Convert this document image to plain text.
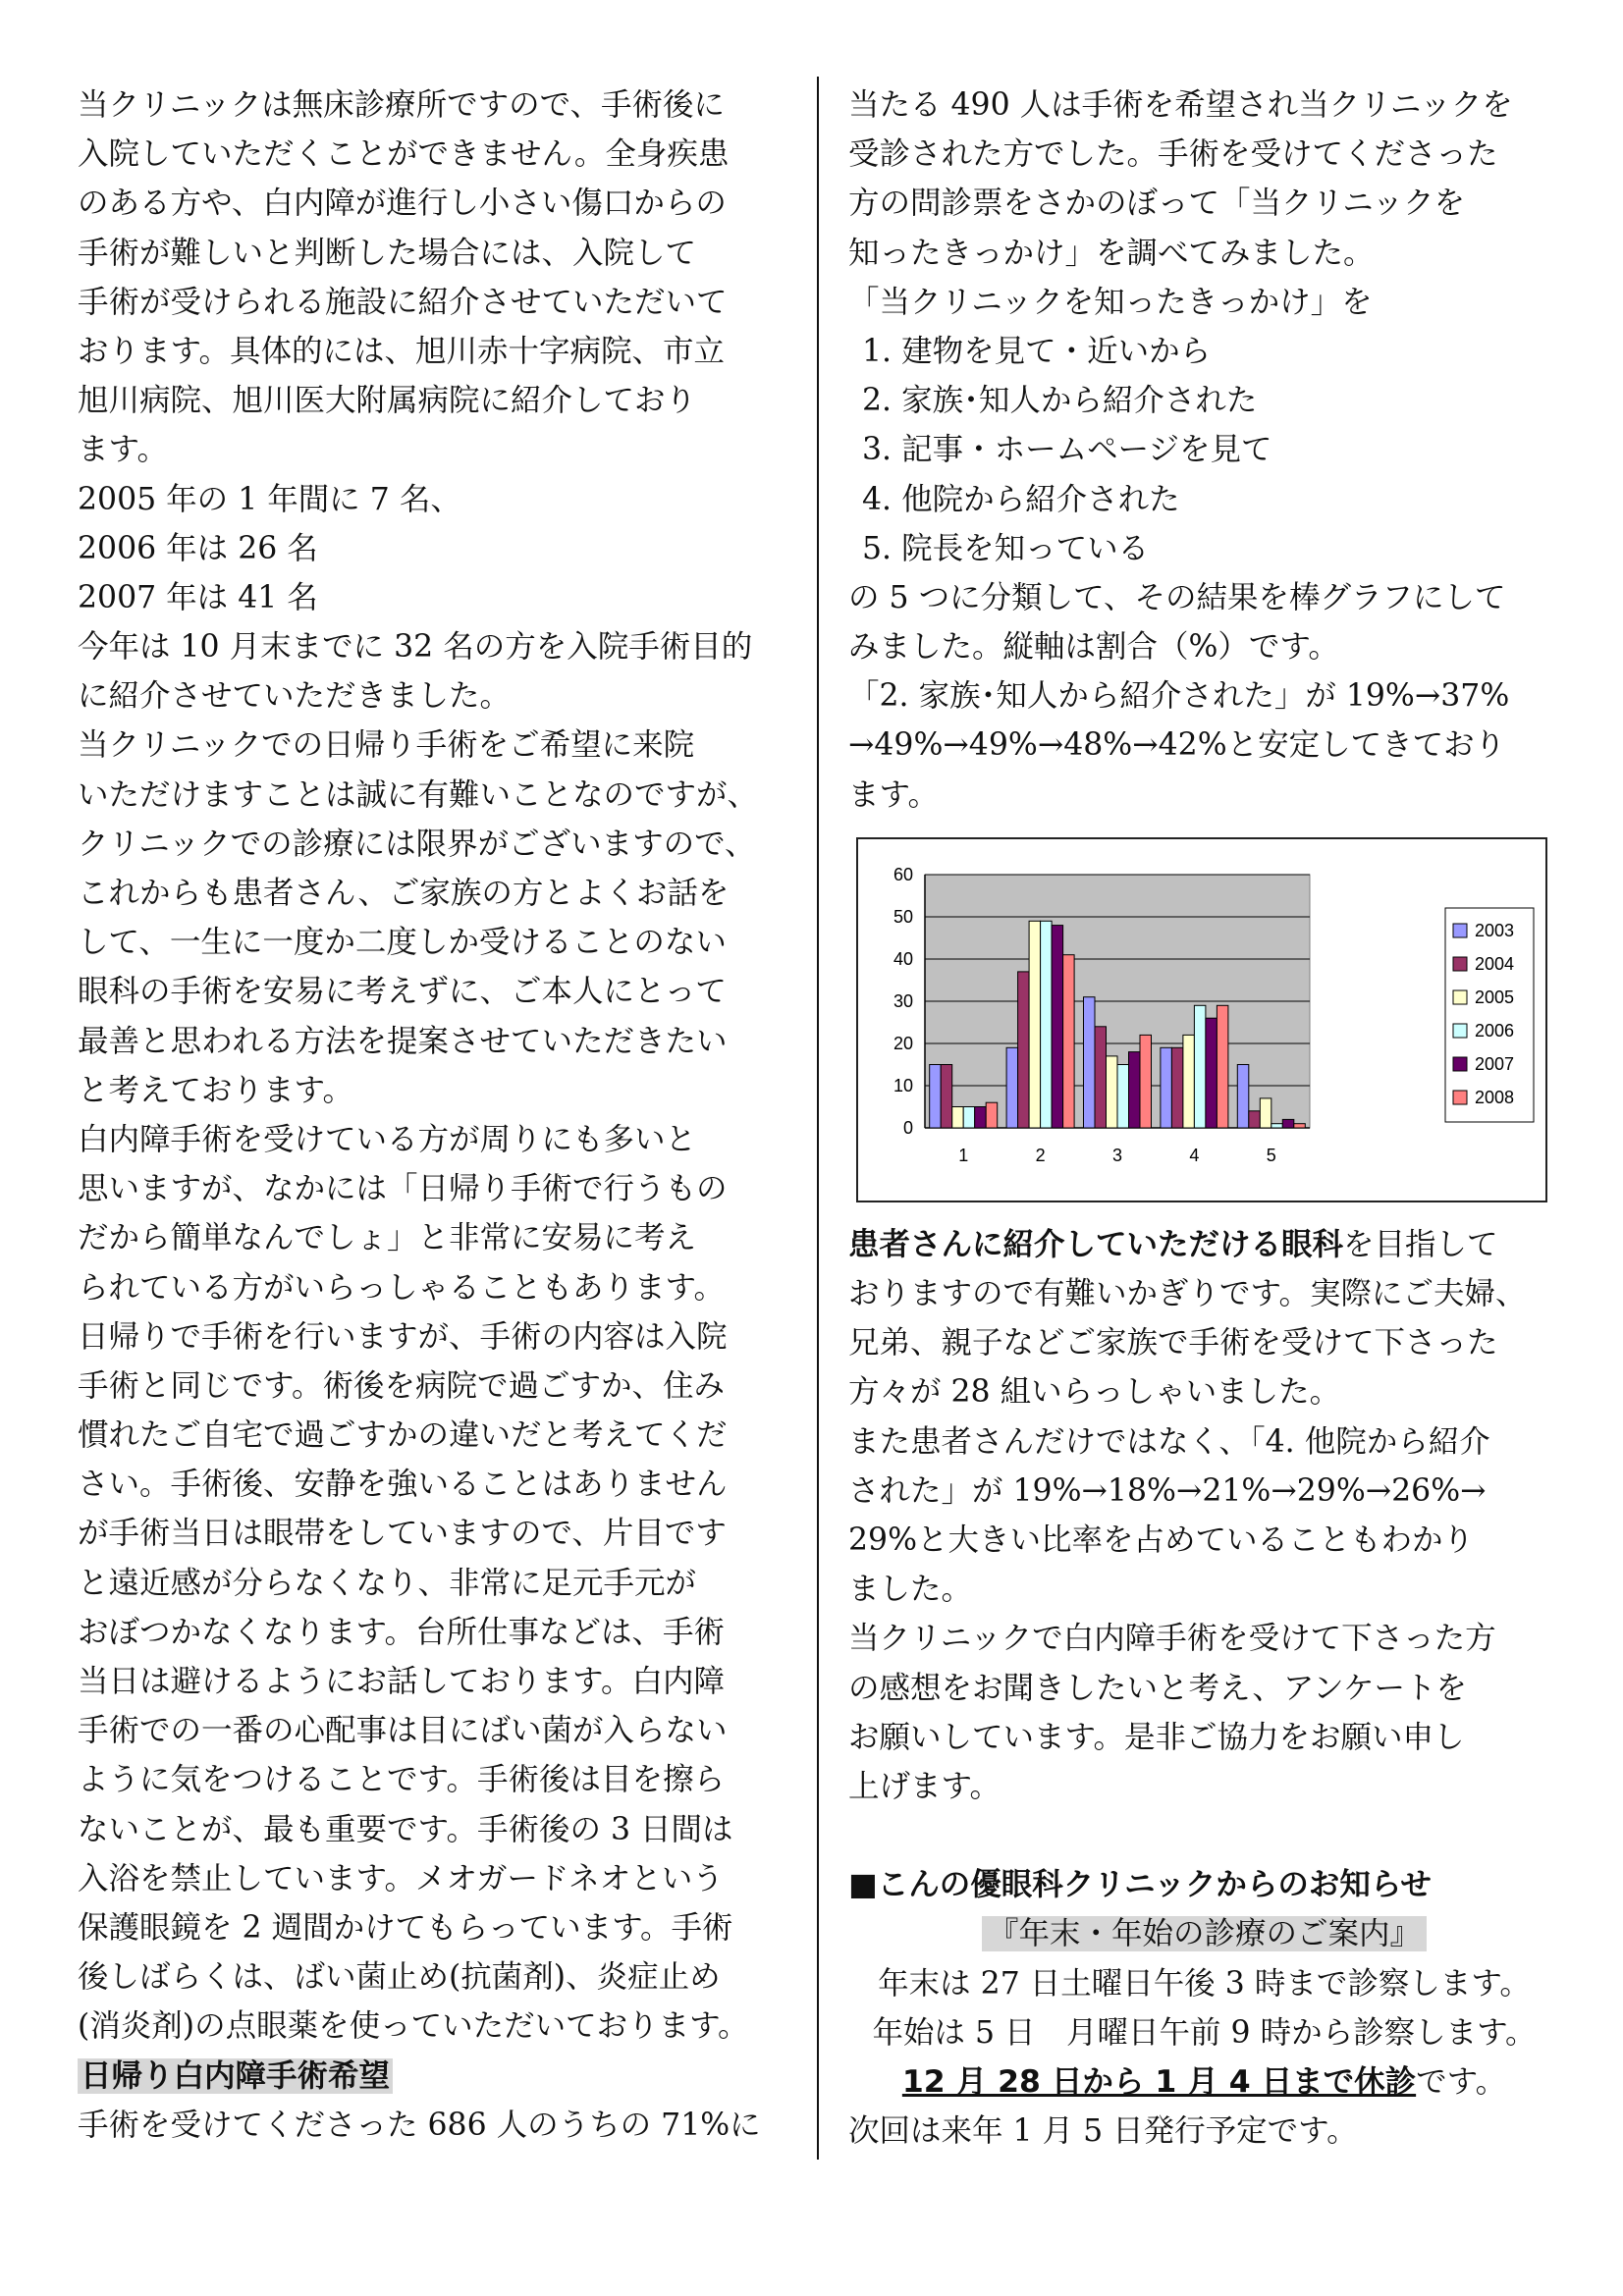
当クリニックは無床診療所ですので、手術後に
入院していただくことができません。全身疾患
のある方や、白内障が進行し小さい傷口からの
手術が難しいと判断した場合には、入院して
手術が受けられる施設に紹介させていただいて
おります。具体的には、旭川赤十字病院、市立
旭川病院、旭川医大附属病院に紹介しており
ます。
2005 年の 1 年間に 7 名、
2006 年は 26 名
2007 年は 41 名
今年は 10 月末までに 32 名の方を入院手術目的
に紹介させていただきました。
当クリニックでの日帰り手術をご希望に来院
いただけますことは誠に有難いことなのですが、
クリニックでの診療には限界がございますので、
これからも患者さん、ご家族の方とよくお話を
して、一生に一度か二度しか受けることのない
眼科の手術を安易に考えずに、ご本人にとって
最善と思われる方法を提案させていただきたい
と考えております。
白内障手術を受けている方が周りにも多いと
思いますが、なかには「日帰り手術で行うもの
だから簡単なんでしょ」と非常に安易に考え
られている方がいらっしゃることもあります。
日帰りで手術を行いますが、手術の内容は入院
手術と同じです。術後を病院で過ごすか、住み
慣れたご自宅で過ごすかの違いだと考えてくだ
さい。手術後、安静を強いることはありません
が手術当日は眼帯をしていますので、片目です
と遠近感が分らなくなり、非常に足元手元が
おぼつかなくなります。台所仕事などは、手術
当日は避けるようにお話しております。白内障
手術での一番の心配事は目にばい菌が入らない
ように気をつけることです。手術後は目を擦ら
ないことが、最も重要です。手術後の 3 日間は
入浴を禁止しています。メオガードネオという
保護眼鏡を 2 週間かけてもらっています。手術
後しばらくは、ばい菌止め(抗菌剤)、炎症止め
(消炎剤)の点眼薬を使っていただいております。
日帰り白内障手術希望
手術を受けてくださった 686 人のうちの 71%に
当たる 490 人は手術を希望され当クリニックを
受診された方でした。手術を受けてくださった
方の問診票をさかのぼって「当クリニックを
知ったきっかけ」を調べてみました。
「当クリニックを知ったきっかけ」を
1. 建物を見て・近いから
2. 家族･知人から紹介された
3. 記事・ホームページを見て
4. 他院から紹介された
5. 院長を知っている
の 5 つに分類して、その結果を棒グラフにして
みました。縦軸は割合（%）です。
「2. 家族･知人から紹介された」が 19%→37%
→49%→49%→48%→42%と安定してきており
ます。
0
10
20
30
40
50
60
1	2	3	4	5
2003
2004
2005
2006
2007
2008
患者さんに紹介していただける眼科を目指して
おりますので有難いかぎりです。実際にご夫婦、
兄弟、親子などご家族で手術を受けて下さった
方々が 28 組いらっしゃいました。
また患者さんだけではなく、「4. 他院から紹介
された」が 19%→18%→21%→29%→26%→
29%と大きい比率を占めていることもわかり
ました。
当クリニックで白内障手術を受けて下さった方
の感想をお聞きしたいと考え、アンケートを
お願いしています。是非ご協力をお願い申し
上げます。
■こんの優眼科クリニックからのお知らせ
『年末・年始の診療のご案内』
年末は 27 日土曜日午後 3 時まで診察します。
年始は 5 日　月曜日午前 9 時から診察します。
12 月 28 日から 1 月 4 日まで休診です。
次回は来年 1 月 5 日発行予定です。
